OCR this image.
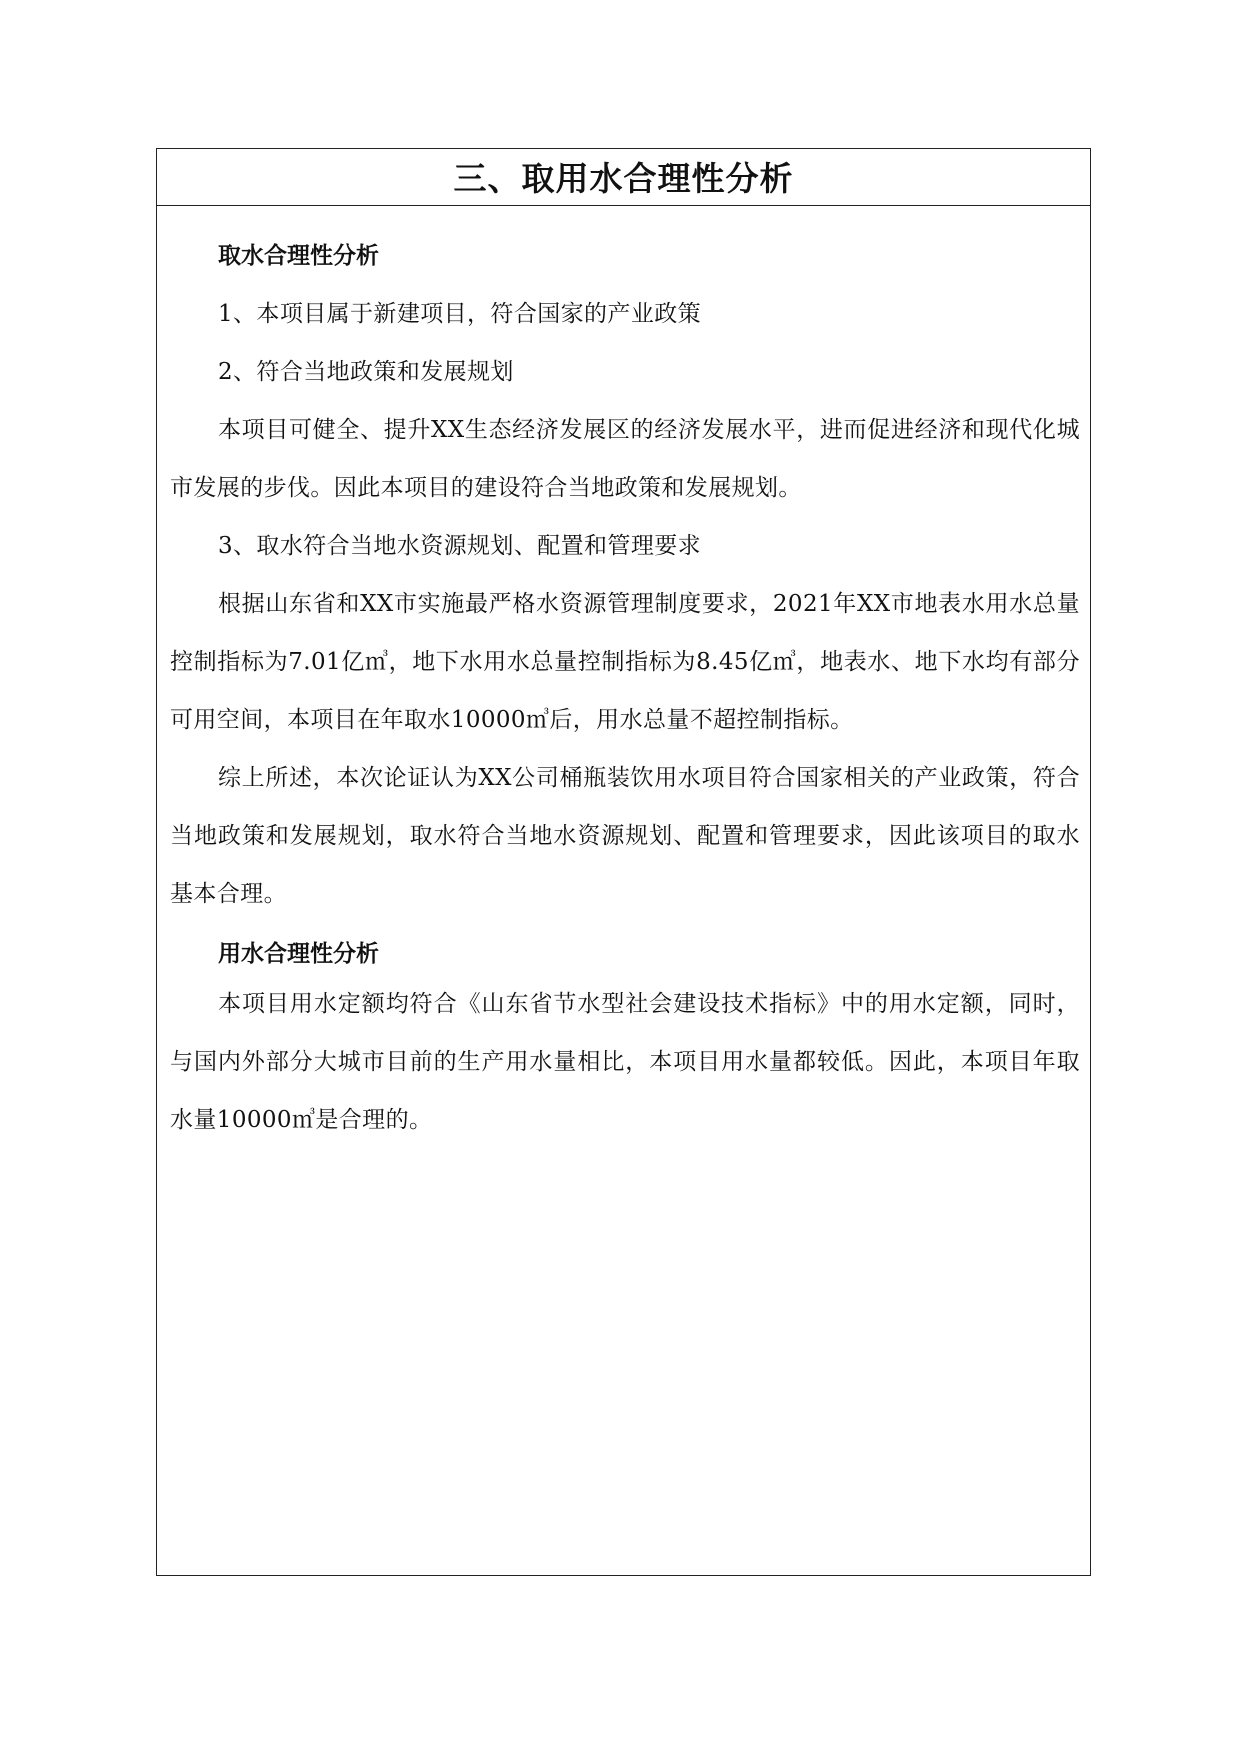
三、取用水合理性分析
取水合理性分析
1、本项目属于新建项目，符合国家的产业政策
2、符合当地政策和发展规划
本项目可健全、提升XX生态经济发展区的经济发展水平，进而促进经济和现代化城市发展的步伐。因此本项目的建设符合当地政策和发展规划。
3、取水符合当地水资源规划、配置和管理要求
根据山东省和XX市实施最严格水资源管理制度要求，2021年XX市地表水用水总量控制指标为7.01亿㎥，地下水用水总量控制指标为8.45亿㎥，地表水、地下水均有部分可用空间，本项目在年取水10000㎥后，用水总量不超控制指标。
综上所述，本次论证认为XX公司桶瓶装饮用水项目符合国家相关的产业政策，符合当地政策和发展规划，取水符合当地水资源规划、配置和管理要求，因此该项目的取水基本合理。
用水合理性分析
本项目用水定额均符合《山东省节水型社会建设技术指标》中的用水定额，同时，与国内外部分大城市目前的生产用水量相比，本项目用水量都较低。因此，本项目年取水量10000㎥是合理的。
